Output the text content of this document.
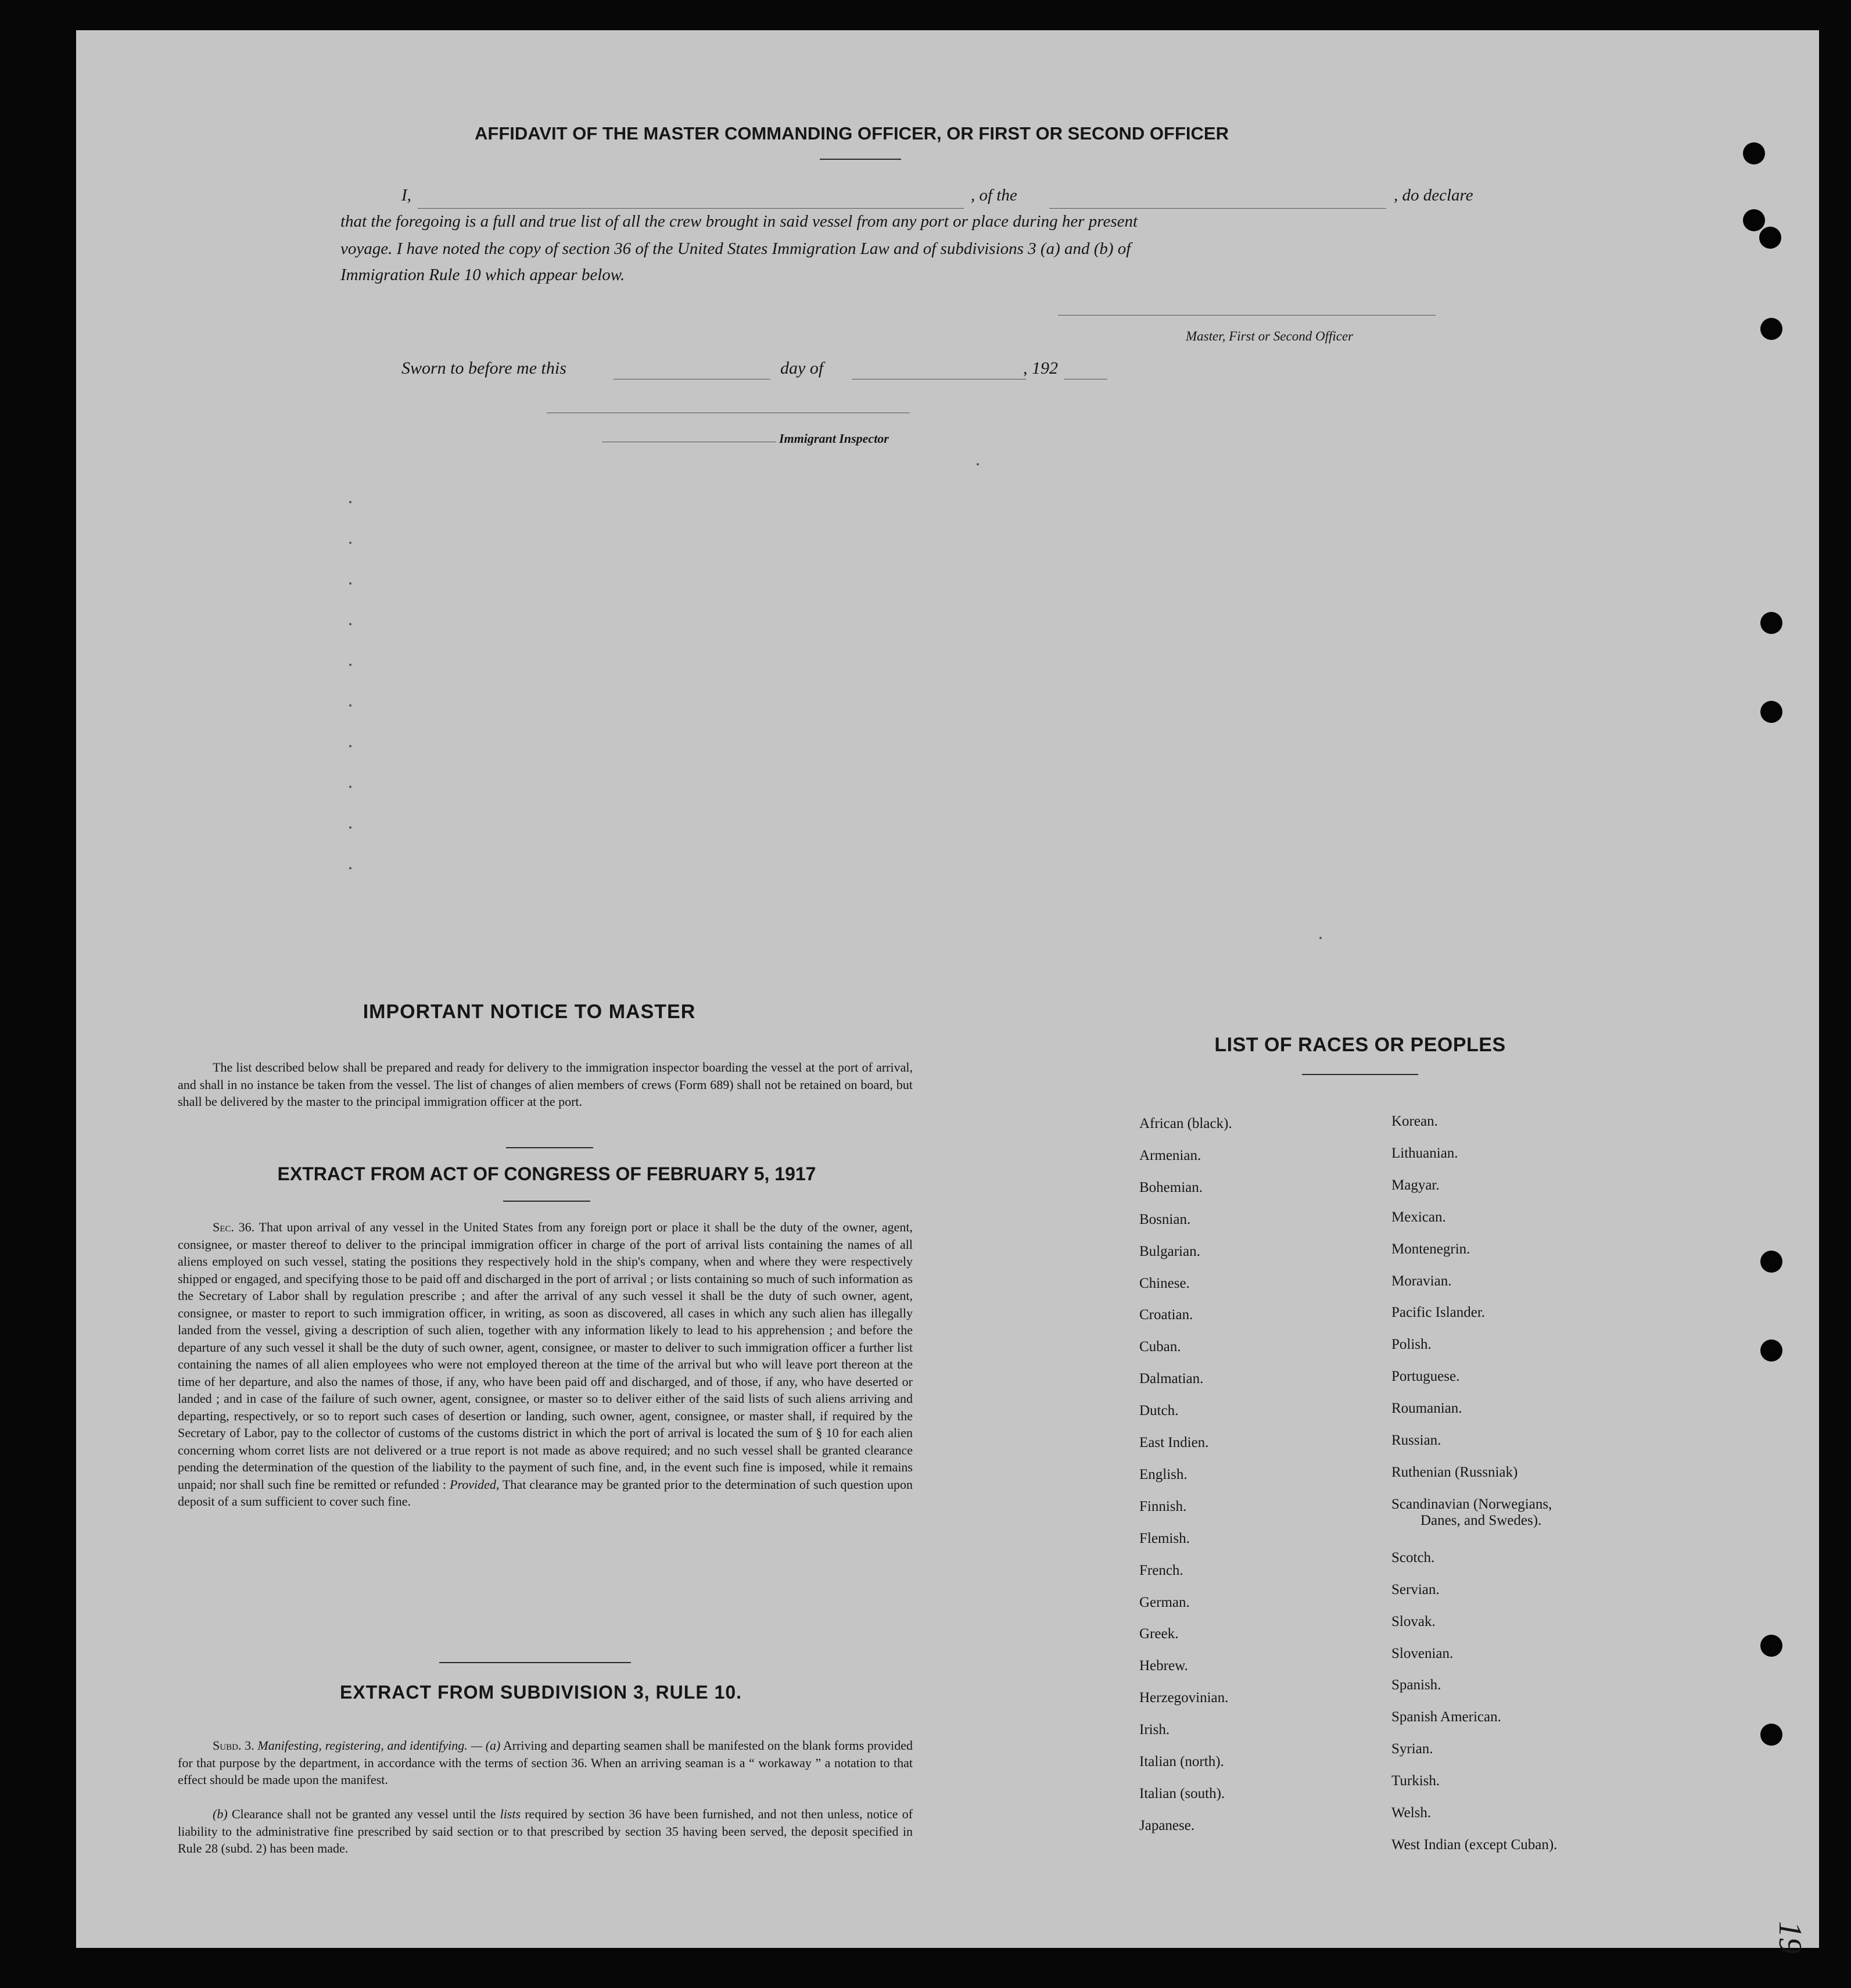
AFFIDAVIT OF THE MASTER COMMANDING OFFICER, OR FIRST OR SECOND OFFICER
I,	, of the	, do declare
that the foregoing is a full and true list of all the crew brought in said vessel from any port or place during her present
voyage. I have noted the copy of section 36 of the United States Immigration Law and of subdivisions 3 (a) and (b) of
Immigration Rule 10 which appear below.
Master, First or Second Officer
Sworn to before me this	day of	, 192
Immigrant Inspector
IMPORTANT NOTICE TO MASTER
The list described below shall be prepared and ready for delivery to the immigration inspector boarding the vessel at the port of arrival, and shall in no instance be taken from the vessel. The list of changes of alien members of crews (Form 689) shall not be retained on board, but shall be delivered by the master to the principal immigration officer at the port.
EXTRACT FROM ACT OF CONGRESS OF FEBRUARY 5, 1917
Sec. 36. That upon arrival of any vessel in the United States from any foreign port or place it shall be the duty of the owner, agent, consignee, or master thereof to deliver to the principal immigration officer in charge of the port of arrival lists containing the names of all aliens employed on such vessel, stating the positions they respectively hold in the ship's company, when and where they were respectively shipped or engaged, and specifying those to be paid off and discharged in the port of arrival ; or lists containing so much of such information as the Secretary of Labor shall by regulation prescribe ; and after the arrival of any such vessel it shall be the duty of such owner, agent, consignee, or master to report to such immigration officer, in writing, as soon as discovered, all cases in which any such alien has illegally landed from the vessel, giving a description of such alien, together with any information likely to lead to his apprehension ; and before the departure of any such vessel it shall be the duty of such owner, agent, consignee, or master to deliver to such immigration officer a further list containing the names of all alien employees who were not employed thereon at the time of the arrival but who will leave port thereon at the time of her departure, and also the names of those, if any, who have been paid off and discharged, and of those, if any, who have deserted or landed ; and in case of the failure of such owner, agent, consignee, or master so to deliver either of the said lists of such aliens arriving and departing, respectively, or so to report such cases of desertion or landing, such owner, agent, consignee, or master shall, if required by the Secretary of Labor, pay to the collector of customs of the customs district in which the port of arrival is located the sum of § 10 for each alien concerning whom corret lists are not delivered or a true report is not made as above required; and no such vessel shall be granted clearance pending the determination of the question of the liability to the payment of such fine, and, in the event such fine is imposed, while it remains unpaid; nor shall such fine be remitted or refunded : Provided, That clearance may be granted prior to the determination of such question upon deposit of a sum sufficient to cover such fine.
EXTRACT FROM SUBDIVISION 3, RULE 10.
Subd. 3. Manifesting, registering, and identifying. — (a) Arriving and departing seamen shall be manifested on the blank forms provided for that purpose by the department, in accordance with the terms of section 36. When an arriving seaman is a “ workaway ” a notation to that effect should be made upon the manifest.
(b) Clearance shall not be granted any vessel until the lists required by section 36 have been furnished, and not then unless, notice of liability to the administrative fine prescribed by said section or to that prescribed by section 35 having been served, the deposit specified in Rule 28 (subd. 2) has been made.
LIST OF RACES OR PEOPLES
19
African (black).
Armenian.
Bohemian.
Bosnian.
Bulgarian.
Chinese.
Croatian.
Cuban.
Dalmatian.
Dutch.
East Indien.
English.
Finnish.
Flemish.
French.
German.
Greek.
Hebrew.
Herzegovinian.
Irish.
Italian (north).
Italian (south).
Japanese.
Korean.
Lithuanian.
Magyar.
Mexican.
Montenegrin.
Moravian.
Pacific Islander.
Polish.
Portuguese.
Roumanian.
Russian.
Ruthenian (Russniak)
Scandinavian (Norwegians,
Danes, and Swedes).
Scotch.
Servian.
Slovak.
Slovenian.
Spanish.
Spanish American.
Syrian.
Turkish.
Welsh.
West Indian (except Cuban).
